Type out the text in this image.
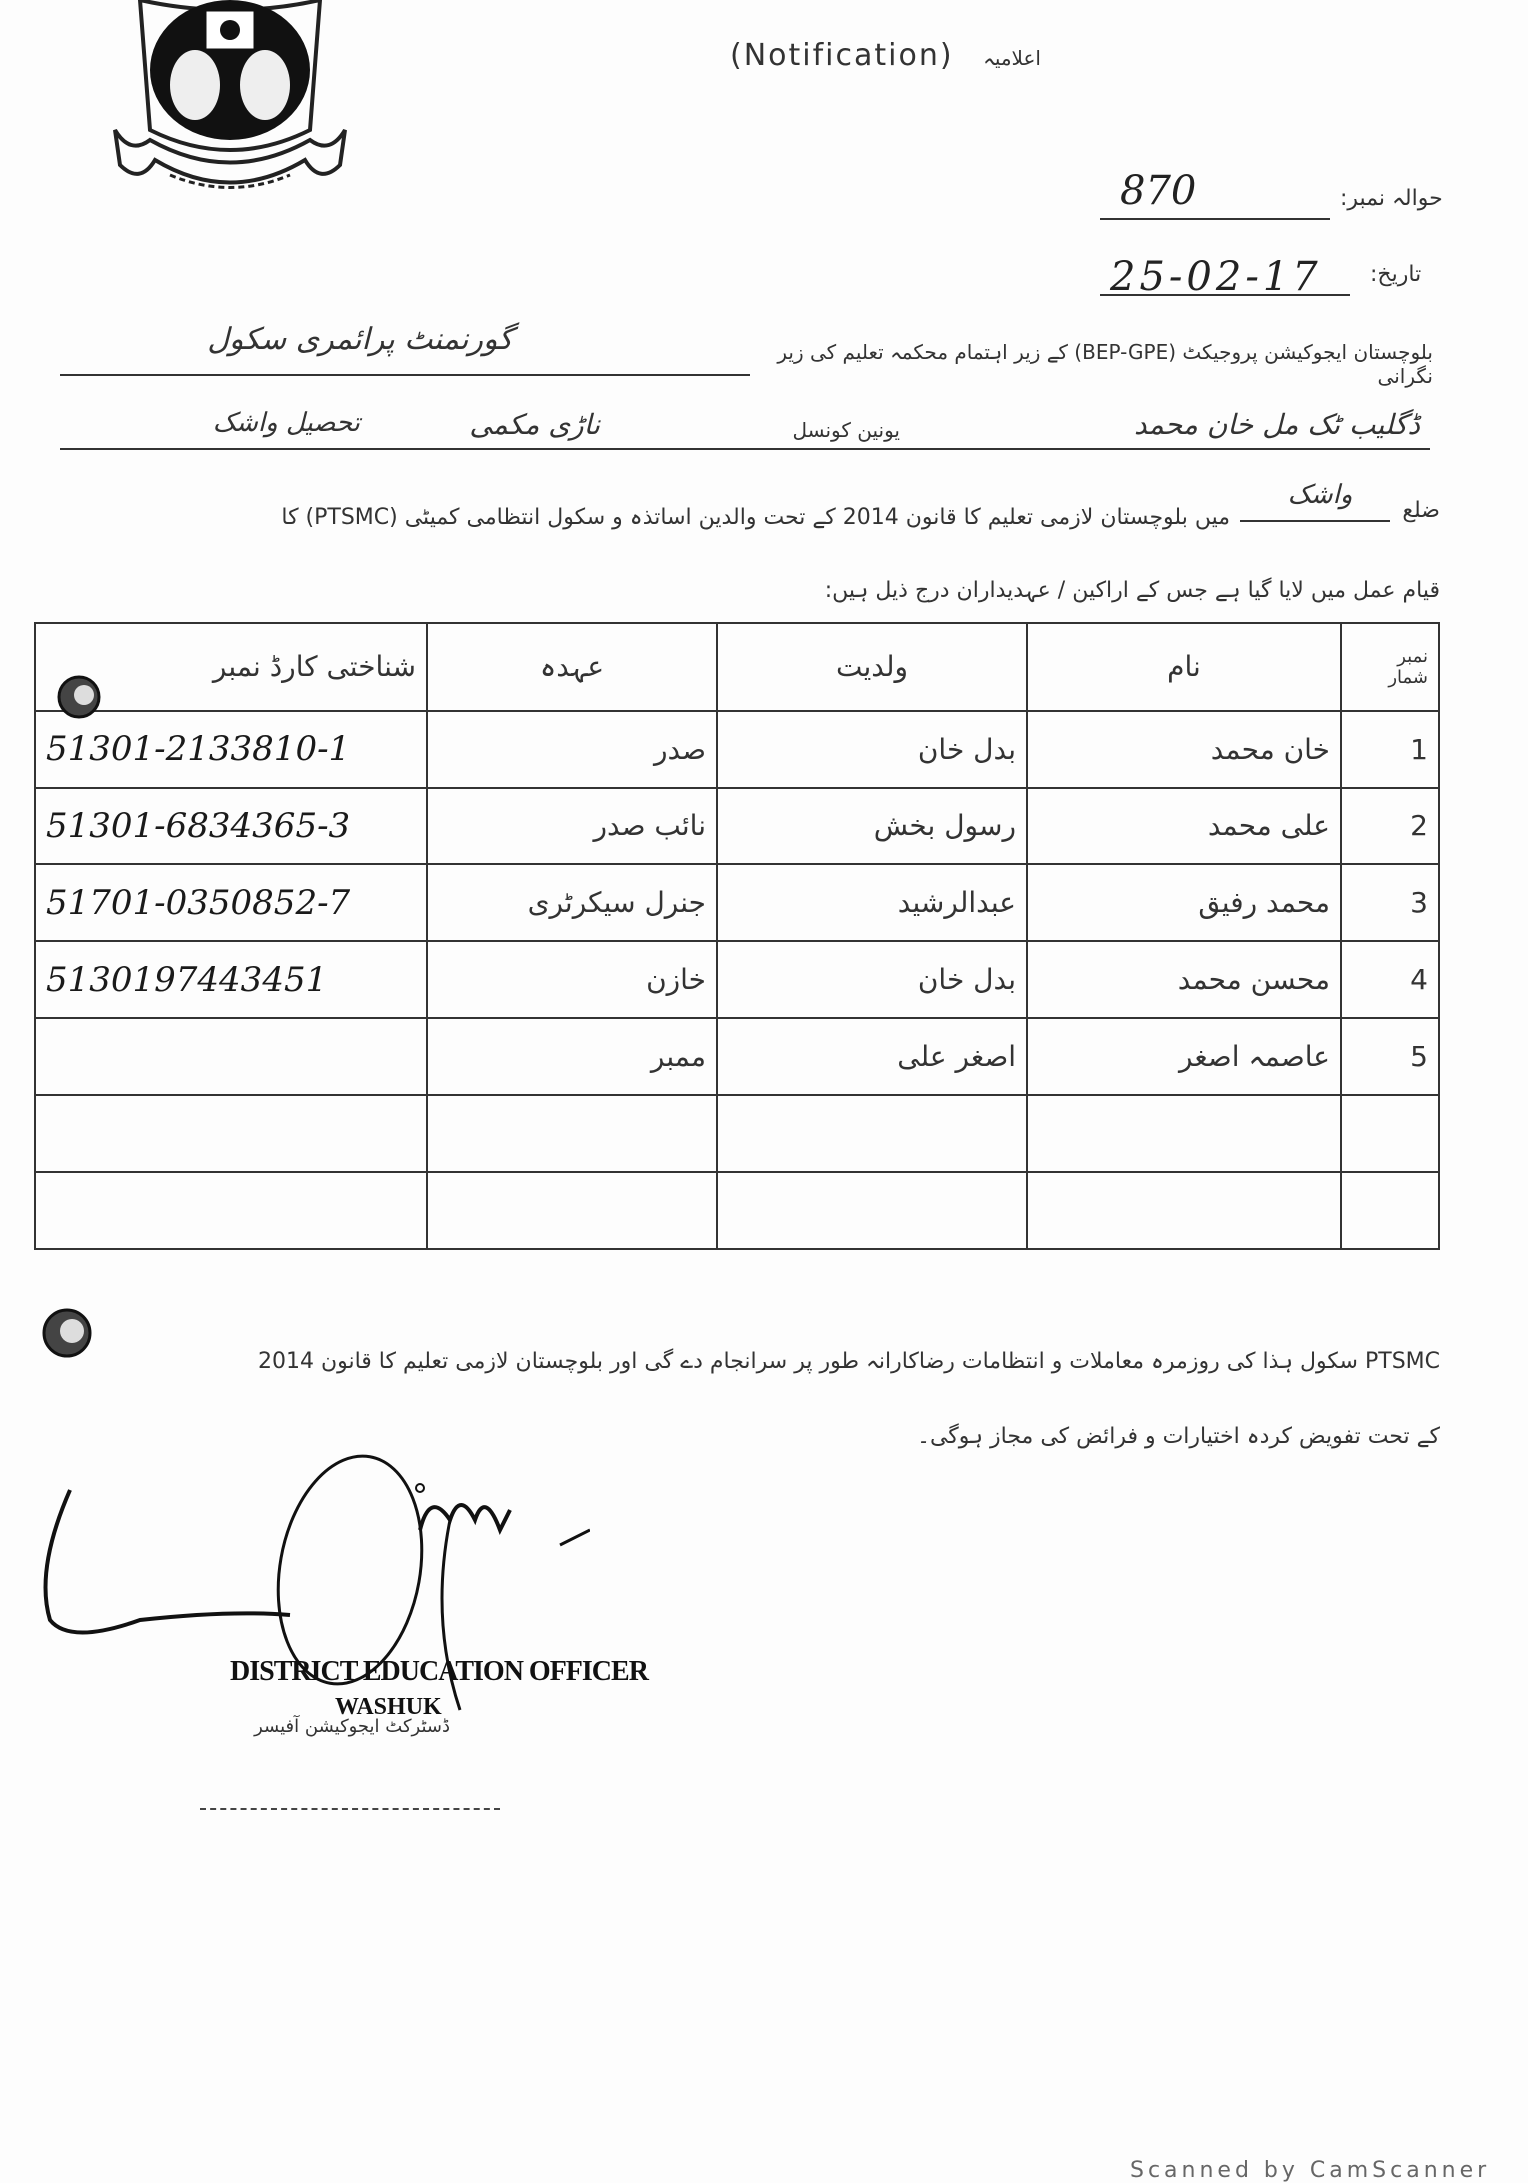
(Notification) اعلامیہ
870	حوالہ نمبر:
25-02-17 تاریخ:
بلوچستان ایجوکیشن پروجیکٹ (BEP-GPE) کے زیر اہتمام محکمہ تعلیم کی زیر نگرانی
گورنمنٹ پرائمری سکول
ڈگلیب ٹک مل خان محمد
یونین کونسل
ناڑی مکمی
تحصیل واشک
ضلع
واشک
میں بلوچستان لازمی تعلیم کا قانون 2014 کے تحت والدین اساتذہ و سکول انتظامی کمیٹی (PTSMC) کا
قیام عمل میں لایا گیا ہے جس کے اراکین / عہدیداران درج ذیل ہیں:
شناختی کارڈ نمبر	عہدہ	ولدیت	نام	نمبر شمار
51301-2133810-1	صدر	بدل خان	خان محمد	1
51301-6834365-3	نائب صدر	رسول بخش	علی محمد	2
51701-0350852-7	جنرل سیکرٹری	عبدالرشید	محمد رفیق	3
5130197443451	خازن	بدل خان	محسن محمد	4
	ممبر	اصغر علی	عاصمہ اصغر	5

PTSMC سکول ہذا کی روزمرہ معاملات و انتظامات رضاکارانہ طور پر سرانجام دے گی اور بلوچستان لازمی تعلیم کا قانون 2014
کے تحت تفویض کردہ اختیارات و فرائض کی مجاز ہوگی۔
DISTRICT EDUCATION OFFICER
WASHUK
ڈسٹرکٹ ایجوکیشن آفیسر
Scanned by CamScanner
